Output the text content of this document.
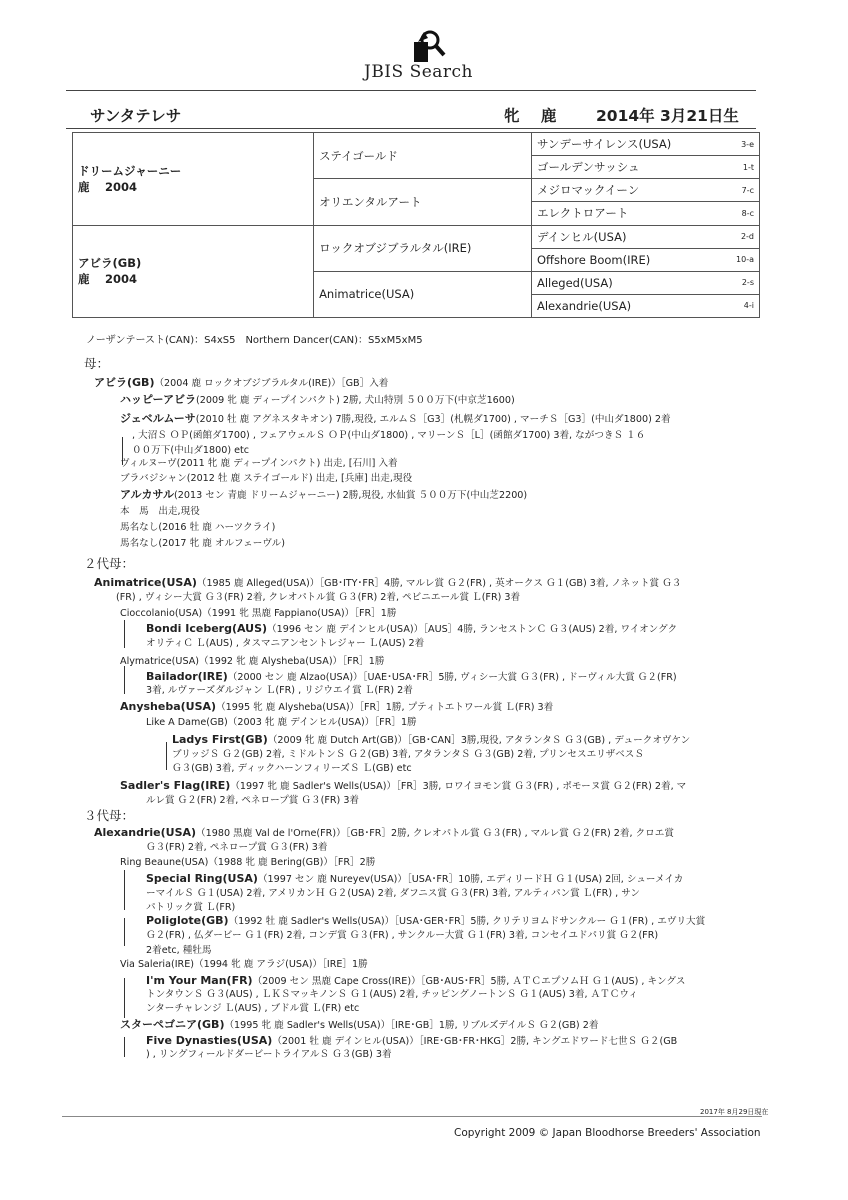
JBIS Search
サンタテレサ	牝 鹿 2014年 3月21日生
ドリームジャーニー
鹿　 2004	ステイゴールド	サンデーサイレンス(USA)	3-e
		ゴールデンサッシュ	1-t
	オリエンタルアート	メジロマックイーン	7-c
		エレクトロアート	8-c

アビラ(GB)
鹿　 2004	ロックオブジブラルタル(IRE)	デインヒル(USA)	2-d
		Offshore Boom(IRE)	10-a
	Animatrice(USA)	Alleged(USA)	2-s
		Alexandrie(USA)	4-i
ノーザンテースト(CAN)：S4xS5　Northern Dancer(CAN)：S5xM5xM5
母：
２代母：
３代母：
アビラ(GB)（2004 鹿 ロックオブジブラルタル(IRE)）［GB］入着
ハッピーアビラ(2009 牝 鹿 ディープインパクト) 2勝, 犬山特別 ５００万下(中京芝1600)
ジェベルムーサ(2010 牡 鹿 アグネスタキオン) 7勝,現役, エルムＳ［G3］(札幌ダ1700) , マーチＳ［G3］(中山ダ1800) 2着
, 大沼Ｓ ＯＰ(函館ダ1700) , フェアウェルＳ ＯＰ(中山ダ1800) , マリーンＳ［L］(函館ダ1700) 3着, ながつきＳ １６
００万下(中山ダ1800) etc
ヴィルヌーヴ(2011 牝 鹿 ディープインパクト) 出走, [石川] 入着
ブラバジシャン(2012 牡 鹿 ステイゴールド) 出走, [兵庫] 出走,現役
アルカサル(2013 セン 青鹿 ドリームジャーニー) 2勝,現役, 水仙賞 ５００万下(中山芝2200)
本　馬　出走,現役
馬名なし(2016 牡 鹿 ハーツクライ)
馬名なし(2017 牝 鹿 オルフェーヴル)
Animatrice(USA)（1985 鹿 Alleged(USA)）［GB･ITY･FR］4勝, マルレ賞 Ｇ２(FR) , 英オークス Ｇ１(GB) 3着, ノネット賞 Ｇ３
(FR) , ヴィシー大賞 Ｇ３(FR) 2着, クレオパトル賞 Ｇ３(FR) 2着, ペビニエール賞 Ｌ(FR) 3着
Cioccolanio(USA)（1991 牝 黒鹿 Fappiano(USA)）［FR］1勝
Bondi Iceberg(AUS)（1996 セン 鹿 デインヒル(USA)）［AUS］4勝, ランセストンＣ Ｇ３(AUS) 2着, ワイオングク
オリティＣ Ｌ(AUS) , タスマニアンセントレジャー Ｌ(AUS) 2着
Alymatrice(USA)（1992 牝 鹿 Alysheba(USA)）［FR］1勝
Bailador(IRE)（2000 セン 鹿 Alzao(USA)）［UAE･USA･FR］5勝, ヴィシー大賞 Ｇ３(FR) , ドーヴィル大賞 Ｇ２(FR)
3着, ルヴァーズダルジャン Ｌ(FR) , リジウエイ賞 Ｌ(FR) 2着
Anysheba(USA)（1995 牝 鹿 Alysheba(USA)）［FR］1勝, プティトエトワール賞 Ｌ(FR) 3着
Like A Dame(GB)（2003 牝 鹿 デインヒル(USA)）［FR］1勝
Ladys First(GB)（2009 牝 鹿 Dutch Art(GB)）［GB･CAN］3勝,現役, アタランタＳ Ｇ３(GB) , デュークオヴケン
ブリッジＳ Ｇ２(GB) 2着, ミドルトンＳ Ｇ２(GB) 3着, アタランタＳ Ｇ３(GB) 2着, プリンセスエリザベスＳ
Ｇ３(GB) 3着, ディックハーンフィリーズＳ Ｌ(GB) etc
Sadler's Flag(IRE)（1997 牝 鹿 Sadler's Wells(USA)）［FR］3勝, ロワイヨモン賞 Ｇ３(FR) , ポモーヌ賞 Ｇ２(FR) 2着, マ
ルレ賞 Ｇ２(FR) 2着, ペネロープ賞 Ｇ３(FR) 3着
Alexandrie(USA)（1980 黒鹿 Val de l'Orne(FR)）［GB･FR］2勝, クレオパトル賞 Ｇ３(FR) , マルレ賞 Ｇ２(FR) 2着, クロエ賞
Ｇ３(FR) 2着, ペネロープ賞 Ｇ３(FR) 3着
Ring Beaune(USA)（1988 牝 鹿 Bering(GB)）［FR］2勝
Special Ring(USA)（1997 セン 鹿 Nureyev(USA)）［USA･FR］10勝, エディリードＨ Ｇ１(USA) 2回, シューメイカ
ーマイルＳ Ｇ１(USA) 2着, アメリカンＨ Ｇ２(USA) 2着, ダフニス賞 Ｇ３(FR) 3着, アルティパン賞 Ｌ(FR) , サン
パトリック賞 Ｌ(FR)
Poliglote(GB)（1992 牡 鹿 Sadler's Wells(USA)）［USA･GER･FR］5勝, クリテリヨムドサンクルー Ｇ１(FR) , エヴリ大賞
Ｇ２(FR) , 仏ダービー Ｇ１(FR) 2着, コンデ賞 Ｇ３(FR) , サンクルー大賞 Ｇ１(FR) 3着, コンセイユドパリ賞 Ｇ２(FR)
2着etc, 種牡馬
Via Saleria(IRE)（1994 牝 鹿 アラジ(USA)）［IRE］1勝
I'm Your Man(FR)（2009 セン 黒鹿 Cape Cross(IRE)）［GB･AUS･FR］5勝, ＡＴＣエプソムＨ Ｇ１(AUS) , キングス
トンタウンＳ Ｇ３(AUS) , ＬＫＳマッキノンＳ Ｇ１(AUS) 2着, チッピングノートンＳ Ｇ１(AUS) 3着, ＡＴＣウィ
ンターチャレンジ Ｌ(AUS) , ブドル賞 Ｌ(FR) etc
スターペゴニア(GB)（1995 牝 鹿 Sadler's Wells(USA)）［IRE･GB］1勝, リブルズデイルＳ Ｇ２(GB) 2着
Five Dynasties(USA)（2001 牡 鹿 デインヒル(USA)）［IRE･GB･FR･HKG］2勝, キングエドワード七世Ｓ Ｇ２(GB
) , リングフィールドダービートライアルＳ Ｇ３(GB) 3着
2017年 8月29日現在
Copyright 2009 © Japan Bloodhorse Breeders' Association
